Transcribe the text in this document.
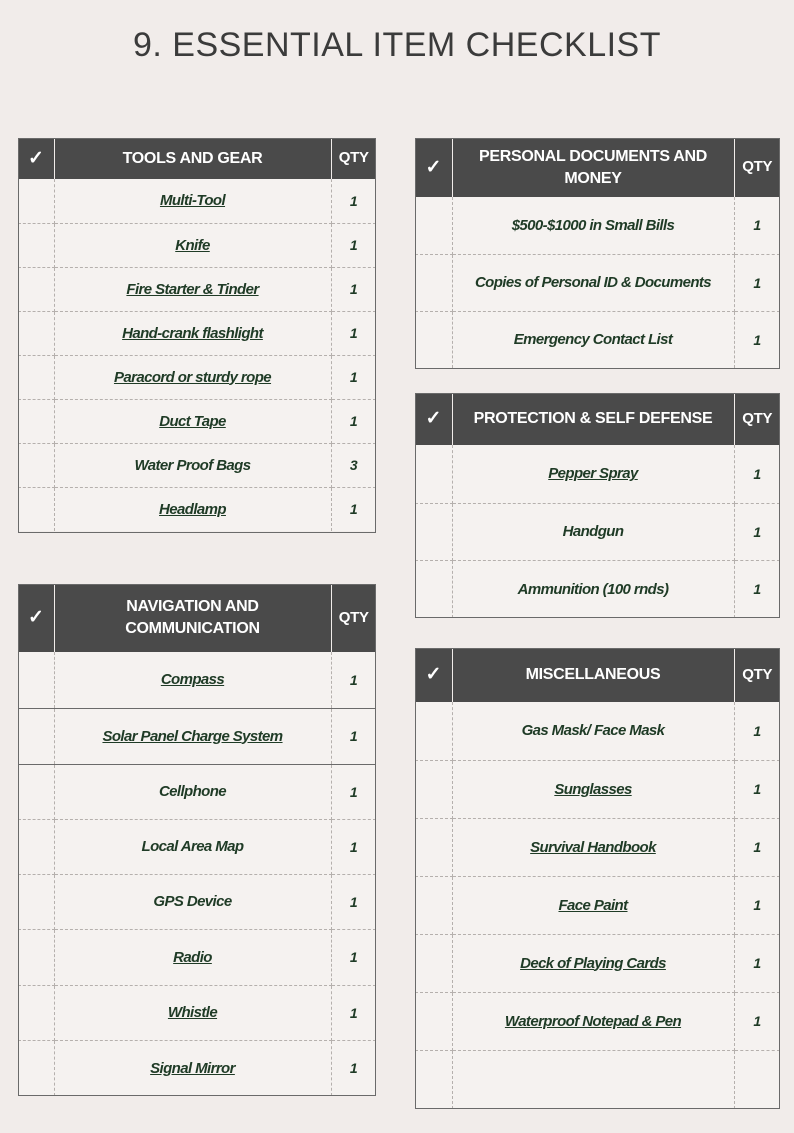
9. ESSENTIAL ITEM CHECKLIST
✓	TOOLS AND GEAR	QTY
	Multi-Tool	1
	Knife	1
	Fire Starter & Tinder	1
	Hand-crank flashlight	1
	Paracord or sturdy rope	1
	Duct Tape	1
	Water Proof Bags	3
	Headlamp	1
✓	NAVIGATION AND
COMMUNICATION	QTY
	Compass	1
	Solar Panel Charge System	1
	Cellphone	1
	Local Area Map	1
	GPS Device	1
	Radio	1
	Whistle	1
	Signal Mirror	1
✓	PERSONAL DOCUMENTS AND
MONEY	QTY
	$500-$1000 in Small Bills	1
	Copies of Personal ID & Documents	1
	Emergency Contact List	1
✓	PROTECTION & SELF DEFENSE	QTY
	Pepper Spray	1
	Handgun	1
	Ammunition (100 rnds)	1
✓	MISCELLANEOUS	QTY
	Gas Mask/ Face Mask	1
	Sunglasses	1
	Survival Handbook	1
	Face Paint	1
	Deck of Playing Cards	1
	Waterproof Notepad & Pen	1
